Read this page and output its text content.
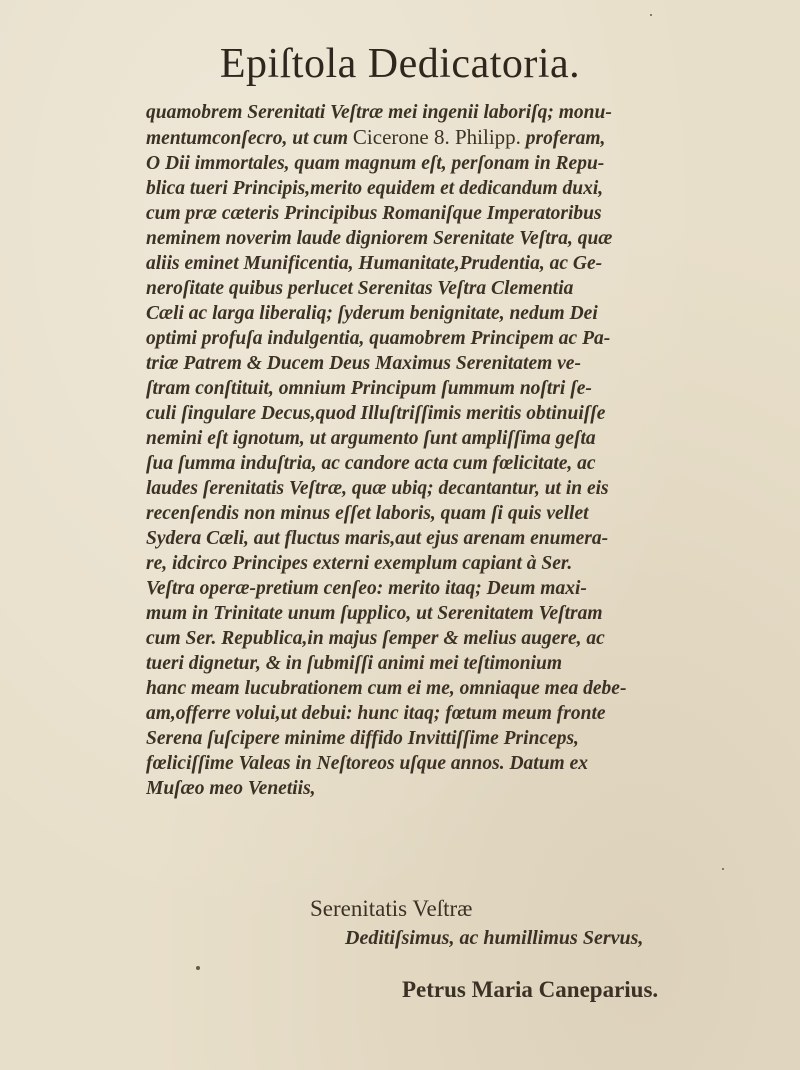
Epiſtola Dedicatoria.
quamobrem Serenitati Veſtræ mei ingenii laboriſq; monu-
mentumconſecro, ut cum Cicerone 8. Philipp. proferam,
O Dii immortales, quam magnum eſt, perſonam in Repu-
blica tueri Principis,merito equidem et dedicandum duxi,
cum præ cæteris Principibus Romaniſque Imperatoribus
neminem noverim laude digniorem Serenitate Veſtra, quæ
aliis eminet Munificentia, Humanitate,Prudentia, ac Ge-
neroſitate quibus perlucet Serenitas Veſtra Clementia
Cæli ac larga liberaliq; ſyderum benignitate, nedum Dei
optimi profuſa indulgentia, quamobrem Principem ac Pa-
triæ Patrem & Ducem Deus Maximus Serenitatem ve-
ſtram conſtituit, omnium Principum ſummum noſtri ſe-
culi ſingulare Decus,quod Illuſtriſſimis meritis obtinuiſſe
nemini eſt ignotum, ut argumento ſunt ampliſſima geſta
ſua ſumma induſtria, ac candore acta cum fœlicitate, ac
laudes ſerenitatis Veſtræ, quæ ubiq; decantantur, ut in eis
recenſendis non minus eſſet laboris, quam ſi quis vellet
Sydera Cæli, aut fluctus maris,aut ejus arenam enumera-
re, idcirco Principes externi exemplum capiant à Ser.
Veſtra operæ-pretium cenſeo: merito itaq; Deum maxi-
mum in Trinitate unum ſupplico, ut Serenitatem Veſtram
cum Ser. Republica,in majus ſemper & melius augere, ac
tueri dignetur, & in ſubmiſſi animi mei teſtimonium
hanc meam lucubrationem cum ei me, omniaque mea debe-
am,offerre volui,ut debui: hunc itaq; fœtum meum fronte
Serena ſuſcipere minime diffido Invittiſſime Princeps,
fœliciſſime Valeas in Neſtoreos uſque annos. Datum ex
Muſæo meo Venetiis,
Serenitatis Veſtræ
Deditiſsimus, ac humillimus Servus,
Petrus Maria Caneparius.
